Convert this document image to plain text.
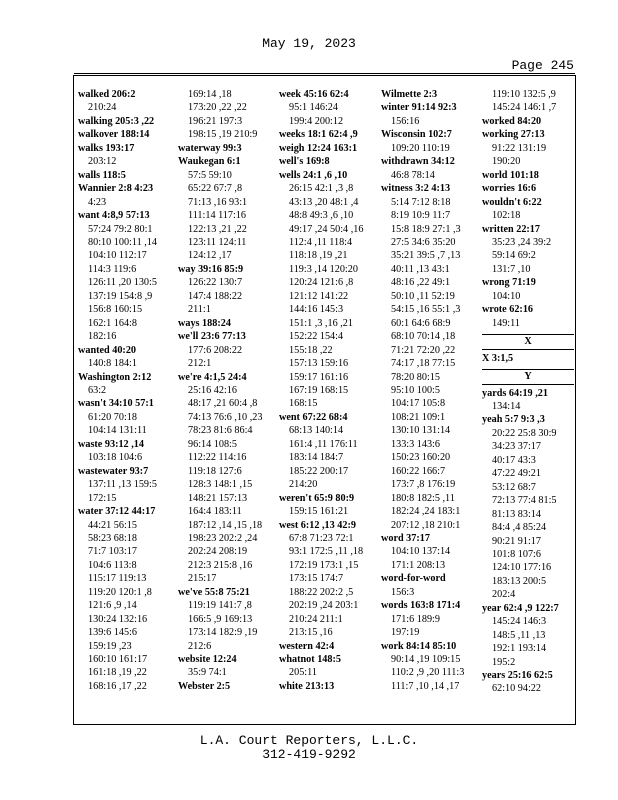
May 19, 2023
Page 245
walked 206:2
210:24
walking 205:3 ,22
walkover 188:14
walks 193:17
203:12
walls 118:5
Wannier 2:8 4:23
4:23
want 4:8,9 57:13
57:24 79:2 80:1
80:10 100:11 ,14
104:10 112:17
114:3 119:6
126:11 ,20 130:5
137:19 154:8 ,9
156:8 160:15
162:1 164:8
182:16
wanted 40:20
140:8 184:1
Washington 2:12
63:2
wasn't 34:10 57:1
61:20 70:18
104:14 131:11
waste 93:12 ,14
103:18 104:6
wastewater 93:7
137:11 ,13 159:5
172:15
water 37:12 44:17
44:21 56:15
58:23 68:18
71:7 103:17
104:6 113:8
115:17 119:13
119:20 120:1 ,8
121:6 ,9 ,14
130:24 132:16
139:6 145:6
159:19 ,23
160:10 161:17
161:18 ,19 ,22
168:16 ,17 ,22
169:14 ,18
173:20 ,22 ,22
196:21 197:3
198:15 ,19 210:9
waterway 99:3
Waukegan 6:1
57:5 59:10
65:22 67:7 ,8
71:13 ,16 93:1
111:14 117:16
122:13 ,21 ,22
123:11 124:11
124:12 ,17
way 39:16 85:9
126:22 130:7
147:4 188:22
211:1
ways 188:24
we'll 23:6 77:13
177:6 208:22
212:1
we're 4:1,5 24:4
25:16 42:16
48:17 ,21 60:4 ,8
74:13 76:6 ,10 ,23
78:23 81:6 86:4
96:14 108:5
112:22 114:16
119:18 127:6
128:3 148:1 ,15
148:21 157:13
164:4 183:11
187:12 ,14 ,15 ,18
198:23 202:2 ,24
202:24 208:19
212:3 215:8 ,16
215:17
we've 55:8 75:21
119:19 141:7 ,8
166:5 ,9 169:13
173:14 182:9 ,19
212:6
website 12:24
35:9 74:1
Webster 2:5
week 45:16 62:4
95:1 146:24
199:4 200:12
weeks 18:1 62:4 ,9
weigh 12:24 163:1
well's 169:8
wells 24:1 ,6 ,10
26:15 42:1 ,3 ,8
43:13 ,20 48:1 ,4
48:8 49:3 ,6 ,10
49:17 ,24 50:4 ,16
112:4 ,11 118:4
118:18 ,19 ,21
119:3 ,14 120:20
120:24 121:6 ,8
121:12 141:22
144:16 145:3
151:1 ,3 ,16 ,21
152:22 154:4
155:18 ,22
157:13 159:16
159:17 161:16
167:19 168:15
168:15
went 67:22 68:4
68:13 140:14
161:4 ,11 176:11
183:14 184:7
185:22 200:17
214:20
weren't 65:9 80:9
159:15 161:21
west 6:12 ,13 42:9
67:8 71:23 72:1
93:1 172:5 ,11 ,18
172:19 173:1 ,15
173:15 174:7
188:22 202:2 ,5
202:19 ,24 203:1
210:24 211:1
213:15 ,16
western 42:4
whatnot 148:5
205:11
white 213:13
Wilmette 2:3
winter 91:14 92:3
156:16
Wisconsin 102:7
109:20 110:19
withdrawn 34:12
46:8 78:14
witness 3:2 4:13
5:14 7:12 8:18
8:19 10:9 11:7
15:8 18:9 27:1 ,3
27:5 34:6 35:20
35:21 39:5 ,7 ,13
40:11 ,13 43:1
48:16 ,22 49:1
50:10 ,11 52:19
54:15 ,16 55:1 ,3
60:1 64:6 68:9
68:10 70:14 ,18
71:21 72:20 ,22
74:17 ,18 77:15
78:20 80:15
95:10 100:5
104:17 105:8
108:21 109:1
130:10 131:14
133:3 143:6
150:23 160:20
160:22 166:7
173:7 ,8 176:19
180:8 182:5 ,11
182:24 ,24 183:1
207:12 ,18 210:1
word 37:17
104:10 137:14
171:1 208:13
word-for-word
156:3
words 163:8 171:4
171:6 189:9
197:19
work 84:14 85:10
90:14 ,19 109:15
110:2 ,9 ,20 111:3
111:7 ,10 ,14 ,17
119:10 132:5 ,9
145:24 146:1 ,7
worked 84:20
working 27:13
91:22 131:19
190:20
world 101:18
worries 16:6
wouldn't 6:22
102:18
written 22:17
35:23 ,24 39:2
59:14 69:2
131:7 ,10
wrong 71:19
104:10
wrote 62:16
149:11
X
X 3:1,5
Y
yards 64:19 ,21
134:14
yeah 5:7 9:3 ,3
20:22 25:8 30:9
34:23 37:17
40:17 43:3
47:22 49:21
53:12 68:7
72:13 77:4 81:5
81:13 83:14
84:4 ,4 85:24
90:21 91:17
101:8 107:6
124:10 177:16
183:13 200:5
202:4
year 62:4 ,9 122:7
145:24 146:3
148:5 ,11 ,13
192:1 193:14
195:2
years 25:16 62:5
62:10 94:22
L.A. Court Reporters, L.L.C.
312-419-9292
